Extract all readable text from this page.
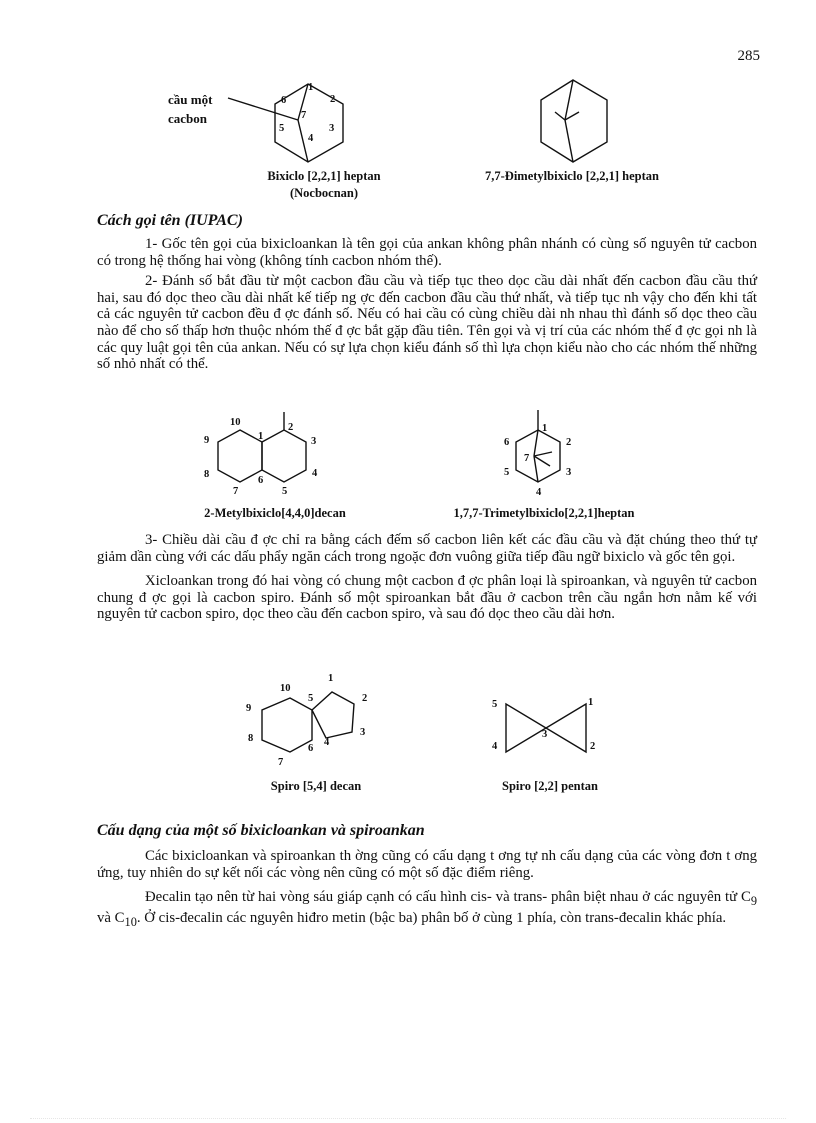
285
cầu một
cacbon
1
2
3
4
5
6
7
Bixiclo [2,2,1] heptan
(Nocbocnan)
7,7-Đimetylbixiclo [2,2,1] heptan
Cách gọi tên (IUPAC)

1- Gốc tên gọi của bixicloankan là tên gọi của ankan không phân nhánh có cùng số nguyên tử cacbon có trong hệ thống hai vòng (không tính cacbon nhóm thế).

2- Đánh số bắt đầu từ một cacbon đầu cầu và tiếp tục theo dọc cầu dài nhất đến cacbon đầu cầu thứ hai, sau đó dọc theo cầu dài nhất kế tiếp ng ợc đến cacbon đầu cầu thứ nhất, và tiếp tục nh vậy cho đến khi tất cả các nguyên tử cacbon đều đ ợc đánh số. Nếu có hai cầu có cùng chiều dài nh nhau thì đánh số dọc theo cầu nào để cho số thấp hơn thuộc nhóm thế đ ợc bắt gặp đầu tiên. Tên gọi và vị trí của các nhóm thế đ ợc gọi nh là các quy luật gọi tên của ankan. Nếu có sự lựa chọn kiểu đánh số thì lựa chọn kiểu nào cho các nhóm thế những số nhỏ nhất có thể.

10
1
2
9	3
8	4
7
6
5
2-Metylbixiclo[4,4,0]decan
1
6	2
7
5	3
4
1,7,7-Trimetylbixiclo[2,2,1]heptan

3- Chiều dài cầu đ ợc chỉ ra bằng cách đếm số cacbon liên kết các đầu cầu và đặt chúng theo thứ tự giảm dần cùng với các dấu phẩy ngăn cách trong ngoặc đơn vuông giữa tiếp đầu ngữ bixiclo và gốc tên gọi.

Xicloankan trong đó hai vòng có chung một cacbon đ ợc phân loại là spiroankan, và nguyên tử cacbon chung đ ợc gọi là cacbon spiro. Đánh số một spiroankan bắt đầu ở cacbon trên cầu ngắn hơn nằm kế với nguyên tử cacbon spiro, dọc theo cầu đến cacbon spiro, và sau đó dọc theo cầu dài hơn.

1
10
5	2
9
3
8	4
6
7
Spiro [5,4] decan
5	1
3
4	2
Spiro [2,2] pentan
Cấu dạng của một số bixicloankan và spiroankan

Các bixicloankan và spiroankan th ờng cũng có cấu dạng t ơng tự nh cấu dạng của các vòng đơn t ơng ứng, tuy nhiên do sự kết nối các vòng nên cũng có một số đặc điểm riêng.

Đecalin tạo nên từ hai vòng sáu giáp cạnh có cấu hình cis- và trans- phân biệt nhau ở các nguyên tử $C_9$ và $C_{10}$. Ở cis-đecalin các nguyên hiđro metin (bậc ba) phân bố ở cùng 1 phía, còn trans-đecalin khác phía.
